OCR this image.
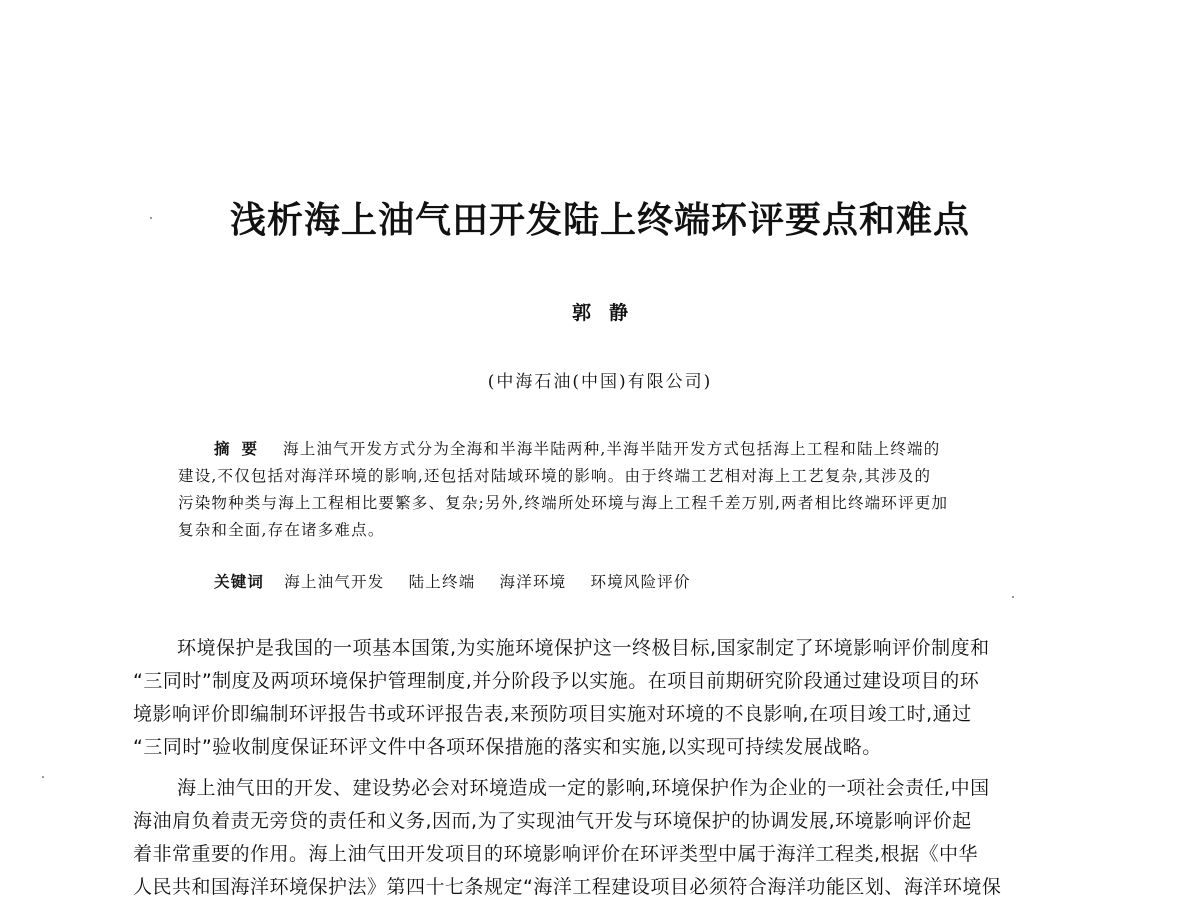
浅析海上油气田开发陆上终端环评要点和难点
郭静
(中海石油(中国)有限公司)
摘要 海上油气开发方式分为全海和半海半陆两种,半海半陆开发方式包括海上工程和陆上终端的
建设,不仅包括对海洋环境的影响,还包括对陆域环境的影响。由于终端工艺相对海上工艺复杂,其涉及的
污染物种类与海上工程相比要繁多、复杂;另外,终端所处环境与海上工程千差万别,两者相比终端环评更加
复杂和全面,存在诸多难点。
关键词 海上油气开发 陆上终端 海洋环境 环境风险评价
环境保护是我国的一项基本国策,为实施环境保护这一终极目标,国家制定了环境影响评价制度和
“三同时”制度及两项环境保护管理制度,并分阶段予以实施。在项目前期研究阶段通过建设项目的环
境影响评价即编制环评报告书或环评报告表,来预防项目实施对环境的不良影响,在项目竣工时,通过
“三同时”验收制度保证环评文件中各项环保措施的落实和实施,以实现可持续发展战略。
海上油气田的开发、建设势必会对环境造成一定的影响,环境保护作为企业的一项社会责任,中国
海油肩负着责无旁贷的责任和义务,因而,为了实现油气开发与环境保护的协调发展,环境影响评价起
着非常重要的作用。海上油气田开发项目的环境影响评价在环评类型中属于海洋工程类,根据《中华
人民共和国海洋环境保护法》第四十七条规定“海洋工程建设项目必须符合海洋功能区划、海洋环境保
